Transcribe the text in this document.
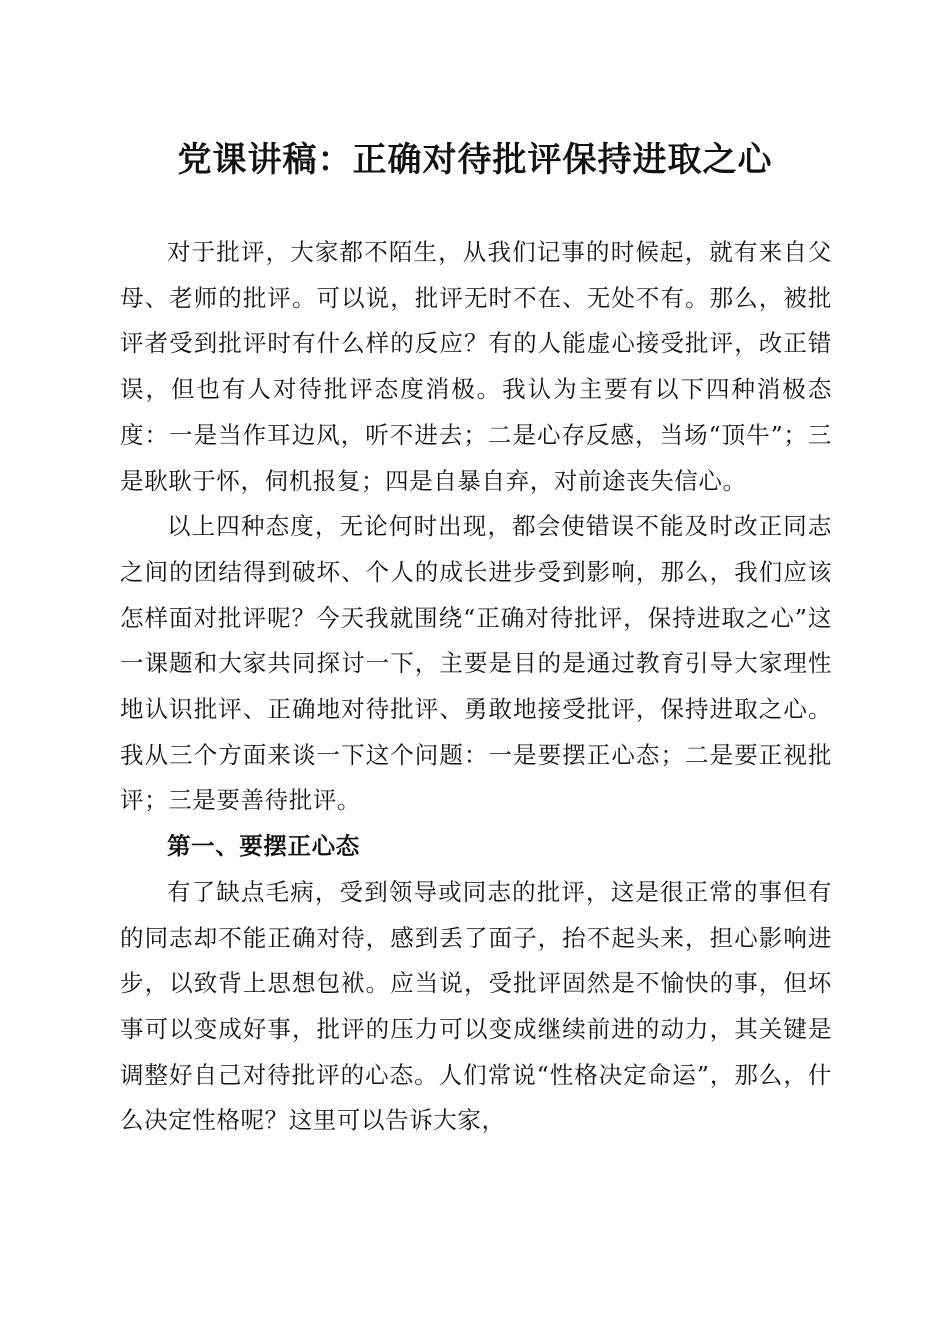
党课讲稿：正确对待批评保持进取之心

对于批评，大家都不陌生，从我们记事的时候起，就有来自父母、老师的批评。可以说，批评无时不在、无处不有。那么，被批评者受到批评时有什么样的反应？有的人能虚心接受批评，改正错误，但也有人对待批评态度消极。我认为主要有以下四种消极态度：一是当作耳边风，听不进去；二是心存反感，当场“顶牛”；三是耿耿于怀，伺机报复；四是自暴自弃，对前途丧失信心。

以上四种态度，无论何时出现，都会使错误不能及时改正同志之间的团结得到破坏、个人的成长进步受到影响，那么，我们应该怎样面对批评呢？今天我就围绕“正确对待批评，保持进取之心”这一课题和大家共同探讨一下，主要是目的是通过教育引导大家理性地认识批评、正确地对待批评、勇敢地接受批评，保持进取之心。我从三个方面来谈一下这个问题：一是要摆正心态；二是要正视批评；三是要善待批评。

第一、要摆正心态

有了缺点毛病，受到领导或同志的批评，这是很正常的事但有的同志却不能正确对待，感到丢了面子，抬不起头来，担心影响进步，以致背上思想包袱。应当说，受批评固然是不愉快的事，但坏事可以变成好事，批评的压力可以变成继续前进的动力，其关键是调整好自己对待批评的心态。人们常说“性格决定命运”，那么，什么决定性格呢？这里可以告诉大家，
